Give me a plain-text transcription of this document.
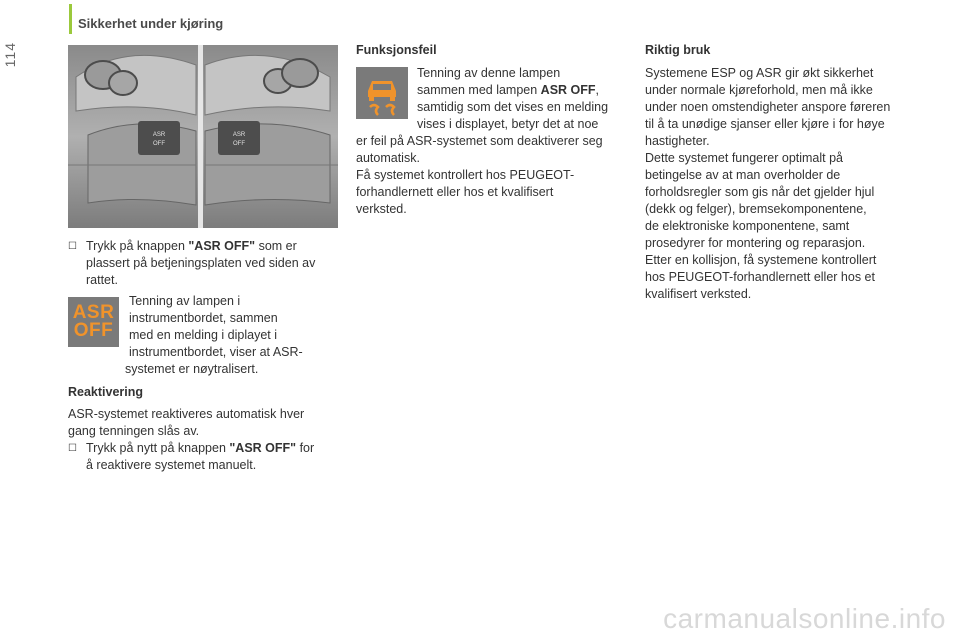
Sikkerhet under kjøring
114
ASR
OFF
ASR
OFF
☐ Trykk på knappen "ASR OFF" som er
plassert på betjeningsplaten ved siden av
rattet.
ASR
OFF
Tenning av lampen i
instrumentbordet, sammen
med en melding i diplayet i
instrumentbordet, viser at ASR-
systemet er nøytralisert.
Reaktivering
ASR-systemet reaktiveres automatisk hver
gang tenningen slås av.
☐ Trykk på nytt på knappen "ASR OFF" for
å reaktivere systemet manuelt.
Funksjonsfeil
Tenning av denne lampen
sammen med lampen ASR OFF,
samtidig som det vises en melding
vises i displayet, betyr det at noe
er feil på ASR-systemet som deaktiverer seg
automatisk.
Få systemet kontrollert hos PEUGEOT-
forhandlernett eller hos et kvalifisert
verksted.
Riktig bruk
Systemene ESP og ASR gir økt sikkerhet
under normale kjøreforhold, men må ikke
under noen omstendigheter anspore føreren
til å ta unødige sjanser eller kjøre i for høye
hastigheter.
Dette systemet fungerer optimalt på
betingelse av at man overholder de
forholdsregler som gis når det gjelder hjul
(dekk og felger), bremsekomponentene,
de elektroniske komponentene, samt
prosedyrer for montering og reparasjon.
Etter en kollisjon, få systemene kontrollert
hos PEUGEOT-forhandlernett eller hos et
kvalifisert verksted.
carmanualsonline.info
